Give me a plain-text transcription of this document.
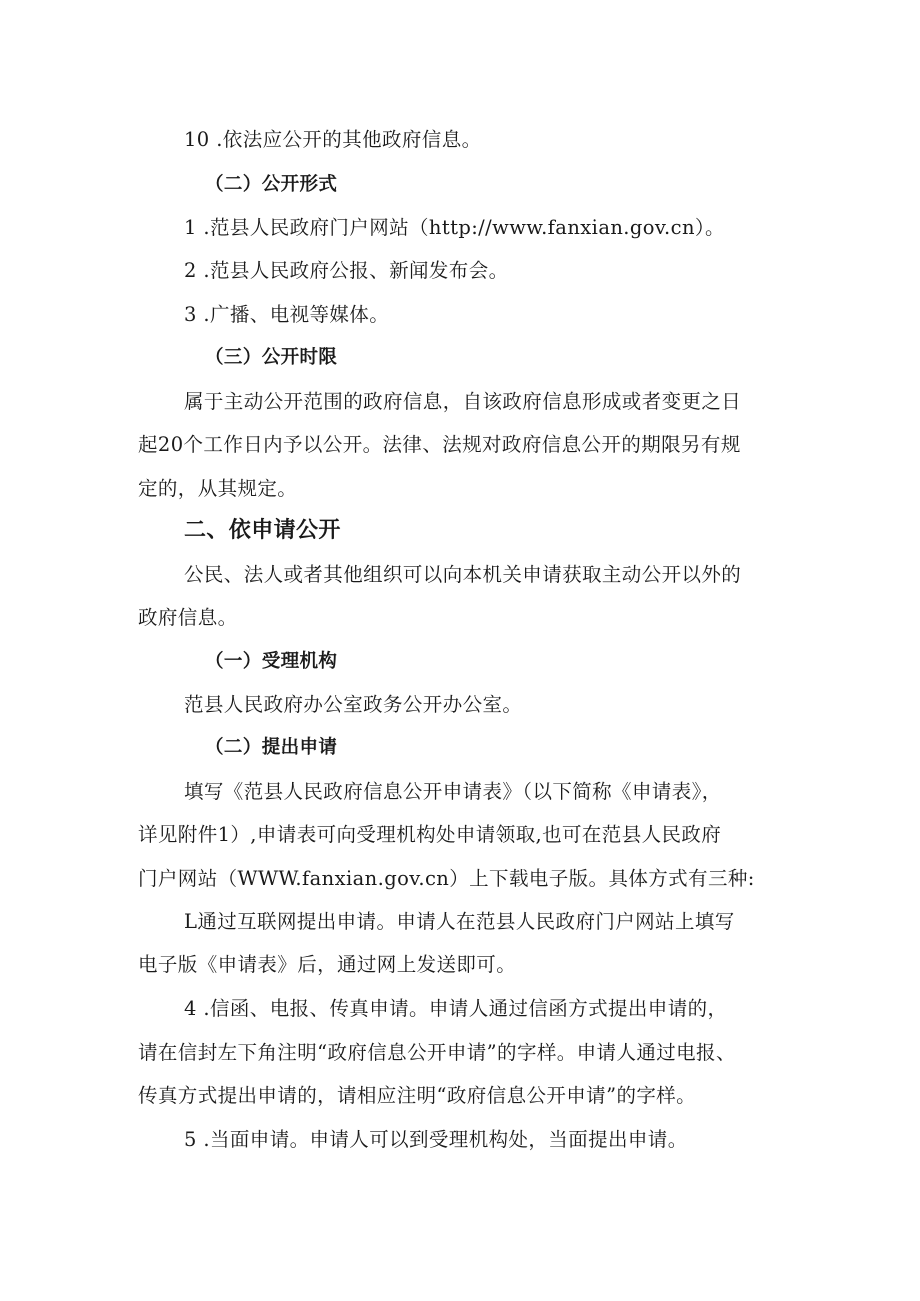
10 .依法应公开的其他政府信息。
（二）公开形式
1 .范县人民政府门户网站（http://www.fanxian.gov.cn）。
2 .范县人民政府公报、新闻发布会。
3 .广播、电视等媒体。
（三）公开时限
属于主动公开范围的政府信息，自该政府信息形成或者变更之日
起20个工作日内予以公开。法律、法规对政府信息公开的期限另有规
定的，从其规定。
二、依申请公开
公民、法人或者其他组织可以向本机关申请获取主动公开以外的
政府信息。
（一）受理机构
范县人民政府办公室政务公开办公室。
（二）提出申请
填写《范县人民政府信息公开申请表》（以下简称《申请表》，
详见附件1）,申请表可向受理机构处申请领取,也可在范县人民政府
门户网站（WWW.fanxian.gov.cn）上下载电子版。具体方式有三种:
L通过互联网提出申请。申请人在范县人民政府门户网站上填写
电子版《申请表》后，通过网上发送即可。
4 .信函、电报、传真申请。申请人通过信函方式提出申请的，
请在信封左下角注明“政府信息公开申请”的字样。申请人通过电报、
传真方式提出申请的，请相应注明“政府信息公开申请”的字样。
5 .当面申请。申请人可以到受理机构处，当面提出申请。
